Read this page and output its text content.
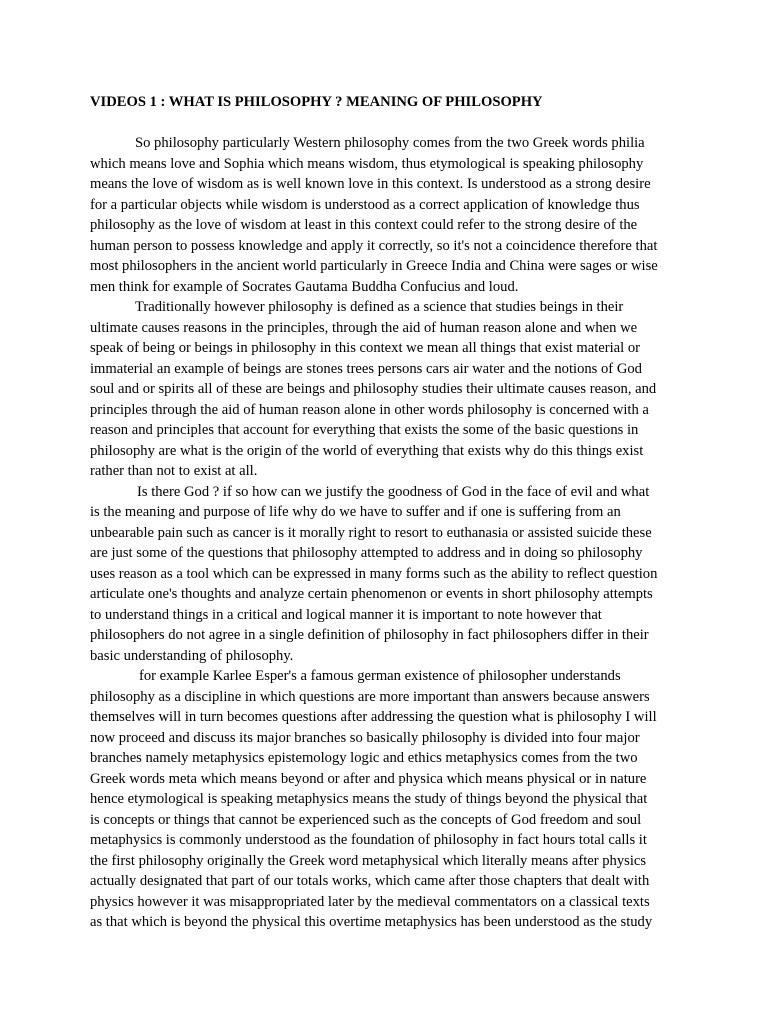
VIDEOS 1 : WHAT IS PHILOSOPHY ? MEANING OF PHILOSOPHY
So philosophy particularly Western philosophy comes from the two Greek words philia
which means love and Sophia which means wisdom, thus etymological is speaking philosophy
means the love of wisdom as is well known love in this context. Is understood as a strong desire
for a particular objects while wisdom is understood as a correct application of knowledge thus
philosophy as the love of wisdom at least in this context could refer to the strong desire of the
human person to possess knowledge and apply it correctly, so it's not a coincidence therefore that
most philosophers in the ancient world particularly in Greece India and China were sages or wise
men think for example of Socrates Gautama Buddha Confucius and loud.
Traditionally however philosophy is defined as a science that studies beings in their
ultimate causes reasons in the principles, through the aid of human reason alone and when we
speak of being or beings in philosophy in this context we mean all things that exist material or
immaterial an example of beings are stones trees persons cars air water and the notions of God
soul and or spirits all of these are beings and philosophy studies their ultimate causes reason, and
principles through the aid of human reason alone in other words philosophy is concerned with a
reason and principles that account for everything that exists the some of the basic questions in
philosophy are what is the origin of the world of everything that exists why do this things exist
rather than not to exist at all.
Is there God ? if so how can we justify the goodness of God in the face of evil and what
is the meaning and purpose of life why do we have to suffer and if one is suffering from an
unbearable pain such as cancer is it morally right to resort to euthanasia or assisted suicide these
are just some of the questions that philosophy attempted to address and in doing so philosophy
uses reason as a tool which can be expressed in many forms such as the ability to reflect question
articulate one's thoughts and analyze certain phenomenon or events in short philosophy attempts
to understand things in a critical and logical manner it is important to note however that
philosophers do not agree in a single definition of philosophy in fact philosophers differ in their
basic understanding of philosophy.
for example Karlee Esper's a famous german existence of philosopher understands
philosophy as a discipline in which questions are more important than answers because answers
themselves will in turn becomes questions after addressing the question what is philosophy I will
now proceed and discuss its major branches so basically philosophy is divided into four major
branches namely metaphysics epistemology logic and ethics metaphysics comes from the two
Greek words meta which means beyond or after and physica which means physical or in nature
hence etymological is speaking metaphysics means the study of things beyond the physical that
is concepts or things that cannot be experienced such as the concepts of God freedom and soul
metaphysics is commonly understood as the foundation of philosophy in fact hours total calls it
the first philosophy originally the Greek word metaphysical which literally means after physics
actually designated that part of our totals works, which came after those chapters that dealt with
physics however it was misappropriated later by the medieval commentators on a classical texts
as that which is beyond the physical this overtime metaphysics has been understood as the study
